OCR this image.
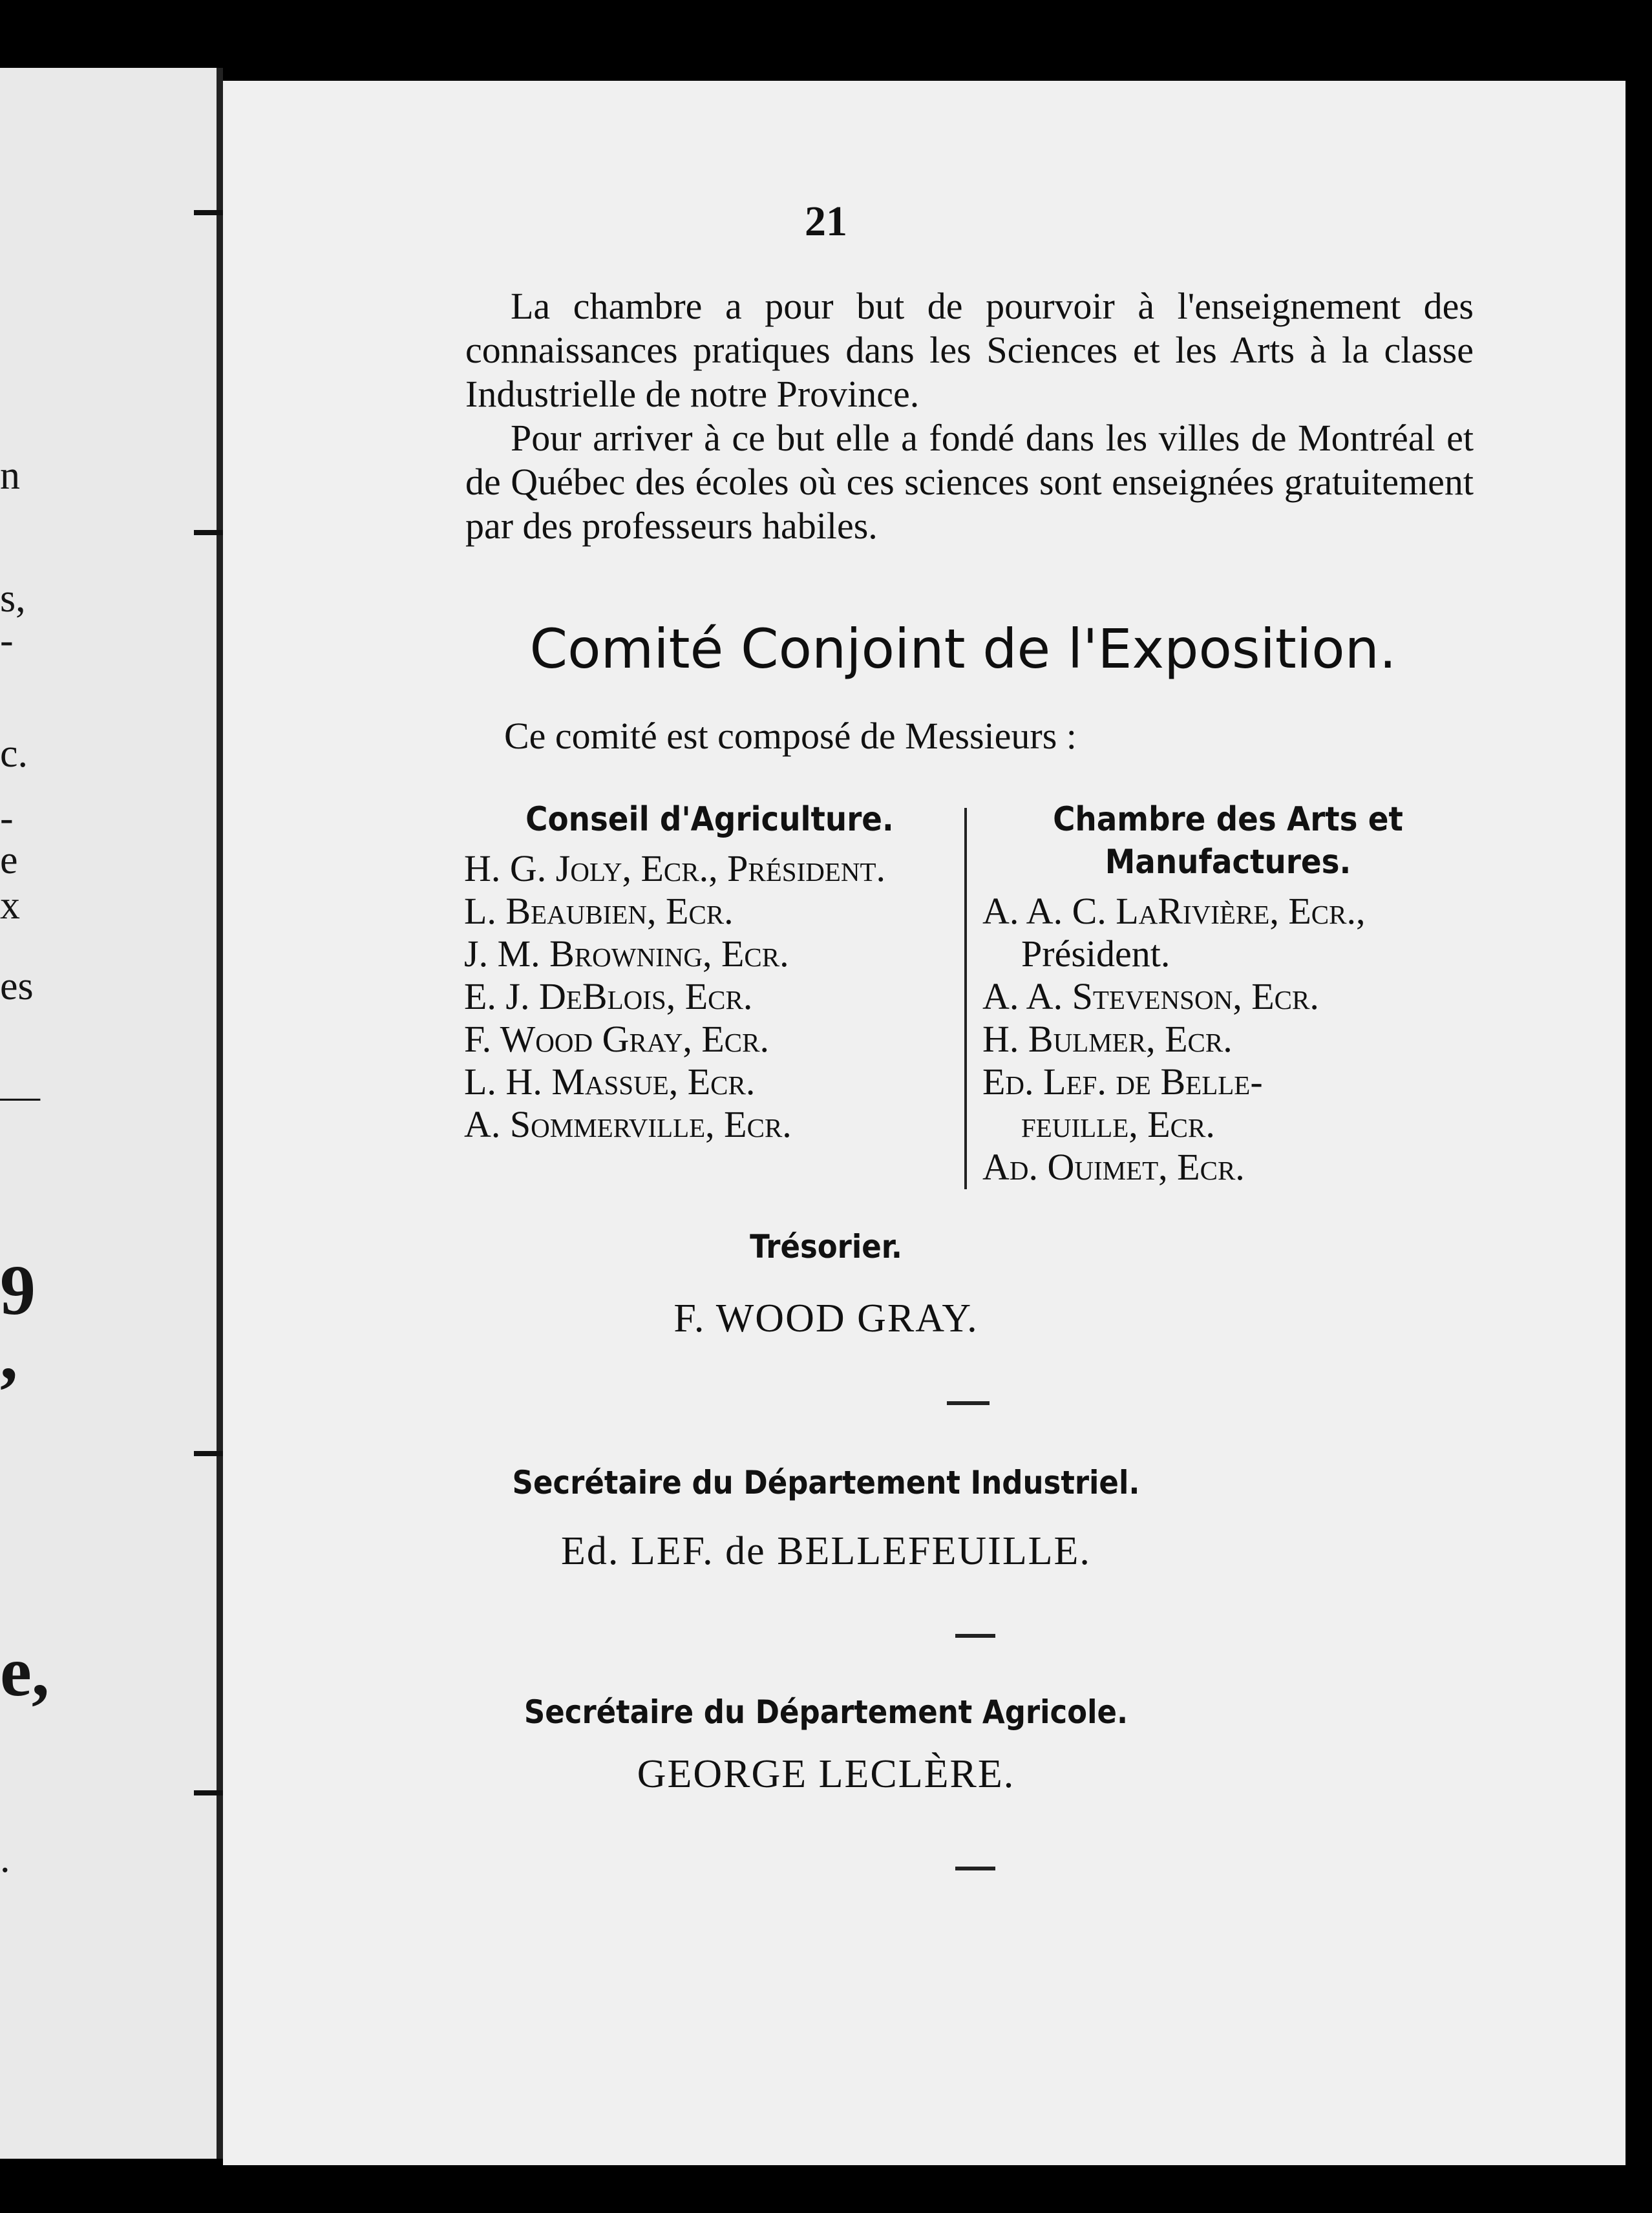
n
s,
-
c.
-
e
x
es
—
9
,
e,
.
21

La chambre a pour but de pourvoir à l'enseignement des connaissances pratiques dans les Sciences et les Arts à la classe Industrielle de notre Province.

Pour arriver à ce but elle a fondé dans les villes de Montréal et de Québec des écoles où ces sciences sont enseignées gratuitement par des professeurs habiles.

Comité Conjoint de l'Exposition.
Ce comité est composé de Messieurs :
Conseil d'Agriculture.

H. G. Joly, Ecr., Président.

L. Beaubien, Ecr.

J. M. Browning, Ecr.

E. J. DeBlois, Ecr.

F. Wood Gray, Ecr.

L. H. Massue, Ecr.

A. Sommerville, Ecr.

Chambre des Arts et Manufactures.

A. A. C. LaRivière, Ecr.,

Président.

A. A. Stevenson, Ecr.

H. Bulmer, Ecr.

Ed. Lef. de Belle-

feuille, Ecr.

Ad. Ouimet, Ecr.

Trésorier.
F. WOOD GRAY.
Secrétaire du Département Industriel.
Ed. LEF. de BELLEFEUILLE.
Secrétaire du Département Agricole.
GEORGE LECLÈRE.
